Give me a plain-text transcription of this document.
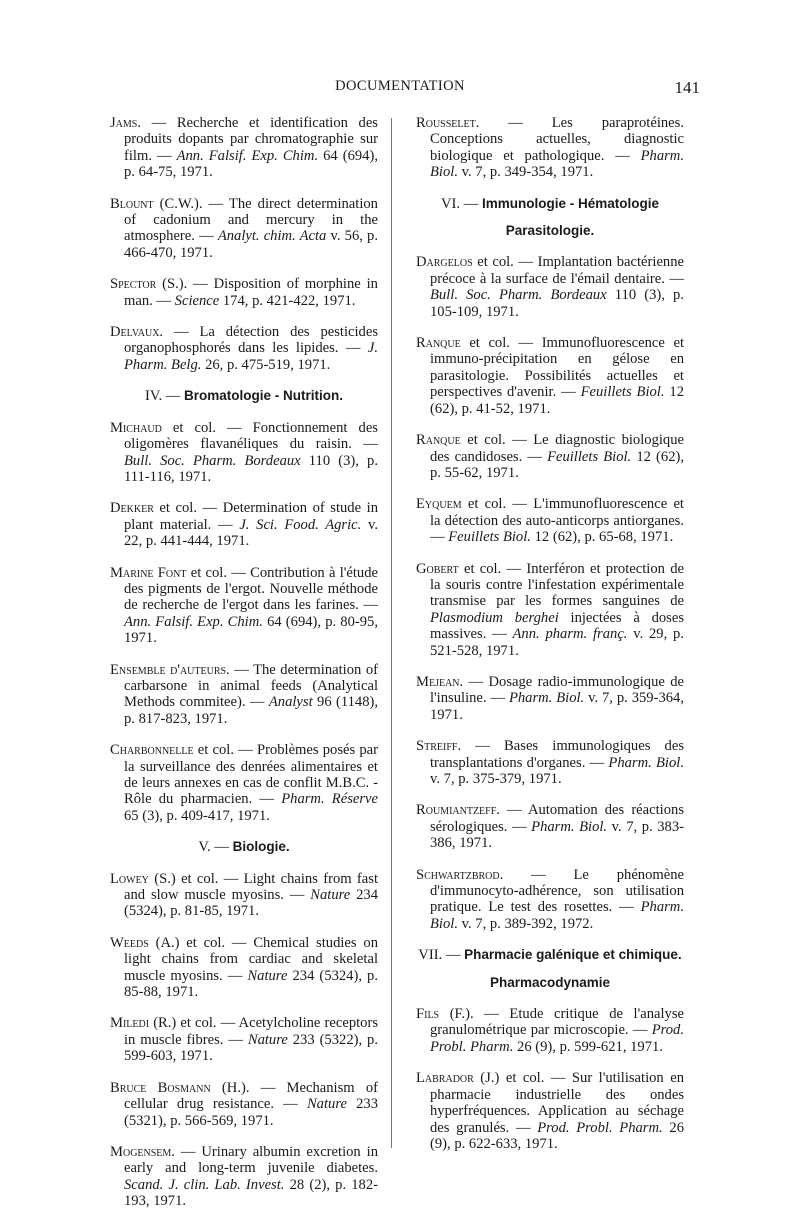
DOCUMENTATION	141
Jams. — Recherche et identification des produits dopants par chromatographie sur film. — Ann. Falsif. Exp. Chim. 64 (694), p. 64-75, 1971.
Blount (C.W.). — The direct determination of cadonium and mercury in the atmosphere. — Analyt. chim. Acta v. 56, p. 466-470, 1971.
Spector (S.). — Disposition of morphine in man. — Science 174, p. 421-422, 1971.
Delvaux. — La détection des pesticides organophosphorés dans les lipides. — J. Pharm. Belg. 26, p. 475-519, 1971.
IV. — Bromatologie - Nutrition.
Michaud et col. — Fonctionnement des oligomères flavanéliques du raisin. — Bull. Soc. Pharm. Bordeaux 110 (3), p. 111-116, 1971.
Dekker et col. — Determination of stude in plant material. — J. Sci. Food. Agric. v. 22, p. 441-444, 1971.
Marine Font et col. — Contribution à l'étude des pigments de l'ergot. Nouvelle méthode de recherche de l'ergot dans les farines. — Ann. Falsif. Exp. Chim. 64 (694), p. 80-95, 1971.
Ensemble d'auteurs. — The determination of carbarsone in animal feeds (Analytical Methods commitee). — Analyst 96 (1148), p. 817-823, 1971.
Charbonnelle et col. — Problèmes posés par la surveillance des denrées alimentaires et de leurs annexes en cas de conflit M.B.C. - Rôle du pharmacien. — Pharm. Réserve 65 (3), p. 409-417, 1971.
V. — Biologie.
Lowey (S.) et col. — Light chains from fast and slow muscle myosins. — Nature 234 (5324), p. 81-85, 1971.
Weeds (A.) et col. — Chemical studies on light chains from cardiac and skeletal muscle myosins. — Nature 234 (5324), p. 85-88, 1971.
Miledi (R.) et col. — Acetylcholine receptors in muscle fibres. — Nature 233 (5322), p. 599-603, 1971.
Bruce Bosmann (H.). — Mechanism of cellular drug resistance. — Nature 233 (5321), p. 566-569, 1971.
Mogensem. — Urinary albumin excretion in early and long-term juvenile diabetes. Scand. J. clin. Lab. Invest. 28 (2), p. 182-193, 1971.
Rousselet. — Les paraprotéines. Conceptions actuelles, diagnostic biologique et pathologique. — Pharm. Biol. v. 7, p. 349-354, 1971.
VI. — Immunologie - Hématologie
Parasitologie.
Dargelos et col. — Implantation bactérienne précoce à la surface de l'émail dentaire. — Bull. Soc. Pharm. Bordeaux 110 (3), p. 105-109, 1971.
Ranque et col. — Immunofluorescence et immuno-précipitation en gélose en parasitologie. Possibilités actuelles et perspectives d'avenir. — Feuillets Biol. 12 (62), p. 41-52, 1971.
Ranque et col. — Le diagnostic biologique des candidoses. — Feuillets Biol. 12 (62), p. 55-62, 1971.
Eyquem et col. — L'immunofluorescence et la détection des auto-anticorps antiorganes. — Feuillets Biol. 12 (62), p. 65-68, 1971.
Gobert et col. — Interféron et protection de la souris contre l'infestation expérimentale transmise par les formes sanguines de Plasmodium berghei injectées à doses massives. — Ann. pharm. franç. v. 29, p. 521-528, 1971.
Mejean. — Dosage radio-immunologique de l'insuline. — Pharm. Biol. v. 7, p. 359-364, 1971.
Streiff. — Bases immunologiques des transplantations d'organes. — Pharm. Biol. v. 7, p. 375-379, 1971.
Roumiantzeff. — Automation des réactions sérologiques. — Pharm. Biol. v. 7, p. 383-386, 1971.
Schwartzbrod. — Le phénomène d'immunocyto-adhérence, son utilisation pratique. Le test des rosettes. — Pharm. Biol. v. 7, p. 389-392, 1972.
VII. — Pharmacie galénique et chimique.
Pharmacodynamie
Fils (F.). — Etude critique de l'analyse granulométrique par microscopie. — Prod. Probl. Pharm. 26 (9), p. 599-621, 1971.
Labrador (J.) et col. — Sur l'utilisation en pharmacie industrielle des ondes hyperfréquences. Application au séchage des granulés. — Prod. Probl. Pharm. 26 (9), p. 622-633, 1971.
